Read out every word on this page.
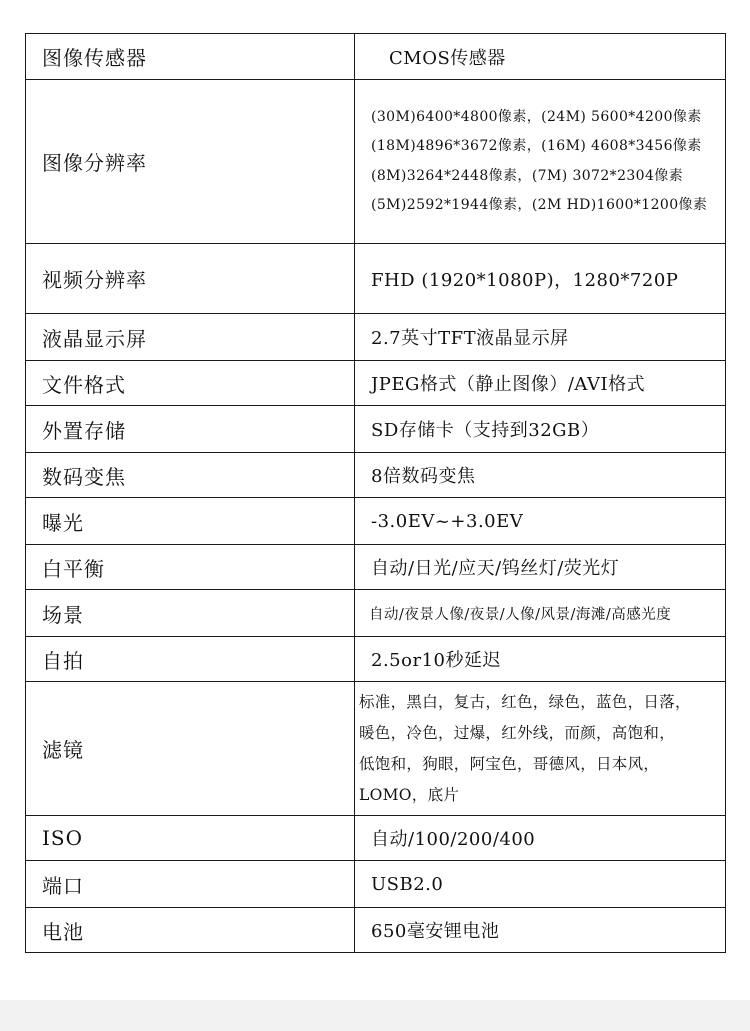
图像传感器	CMOS传感器
图像分辨率	(30M)6400*4800像素，(24M) 5600*4200像素
(18M)4896*3672像素，(16M) 4608*3456像素
(8M)3264*2448像素，(7M) 3072*2304像素
(5M)2592*1944像素，(2M HD)1600*1200像素

视频分辨率	FHD (1920*1080P)，1280*720P
液晶显示屏	2.7英寸TFT液晶显示屏
文件格式	JPEG格式（静止图像）/AVI格式
外置存储	SD存储卡（支持到32GB）
数码变焦	8倍数码变焦
曝光	-3.0EV~+3.0EV
白平衡	自动/日光/应天/钨丝灯/荧光灯
场景	自动/夜景人像/夜景/人像/风景/海滩/高感光度
自拍	2.5or10秒延迟
滤镜	标准，黑白，复古，红色，绿色，蓝色，日落，
暖色，冷色，过爆，红外线，而颜，高饱和，
低饱和，狗眼，阿宝色，哥德风，日本风，
LOMO，底片

ISO	自动/100/200/400
端口	USB2.0
电池	650毫安锂电池
